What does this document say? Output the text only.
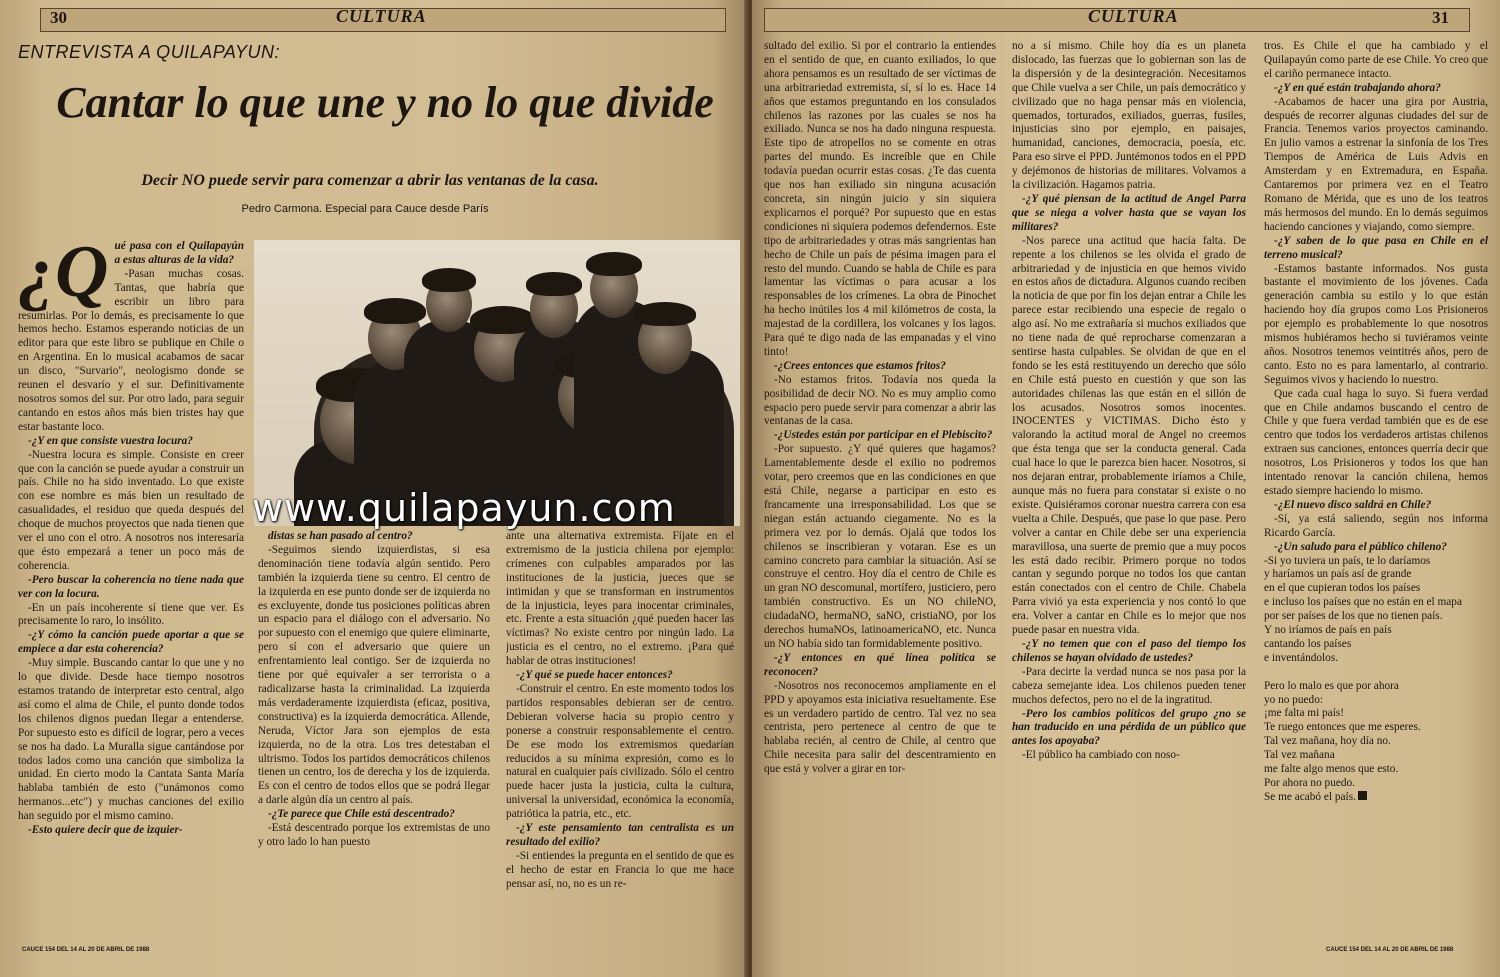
30	CULTURA
ENTREVISTA A QUILAPAYUN:
Cantar lo que une y no lo que divide
Decir NO puede servir para comenzar a abrir las ventanas de la casa.
Pedro Carmona. Especial para Cauce desde París

¿Q ué pasa con el Quilapayún a estas alturas de la vida?

-Pasan muchas cosas. Tantas, que habría que escribir un libro para resumirlas. Por lo demás, es precisamente lo que hemos hecho. Estamos esperando noticias de un editor para que este libro se publique en Chile o en Argentina. En lo musical acabamos de sacar un disco, "Survario", neologismo donde se reunen el desvarío y el sur. Definitivamente nosotros somos del sur. Por otro lado, para seguir cantando en estos años más bien tristes hay que estar bastante loco.

-¿Y en que consiste vuestra locura?

-Nuestra locura es simple. Consiste en creer que con la canción se puede ayudar a construir un país. Chile no ha sido inventado. Lo que existe con ese nombre es más bien un resultado de casualidades, el residuo que queda después del choque de muchos proyectos que nada tienen que ver el uno con el otro. A nosotros nos interesaría que ésto empezará a tener un poco más de coherencia.

-Pero buscar la coherencia no tiene nada que ver con la locura.

-En un país incoherente sí tiene que ver. Es precisamente lo raro, lo insólito.

-¿Y cómo la canción puede aportar a que se empiece a dar esta coherencia?

-Muy simple. Buscando cantar lo que une y no lo que divide. Desde hace tiempo nosotros estamos tratando de interpretar esto central, algo así como el alma de Chile, el punto donde todos los chilenos dignos puedan llegar a entenderse. Por supuesto esto es difícil de lograr, pero a veces se nos ha dado. La Muralla sigue cantándose por todos lados como una canción que simboliza la unidad. En cierto modo la Cantata Santa María hablaba también de esto ("unámonos como hermanos...etc") y muchas canciones del exilio han seguido por el mismo camino.

-Esto quiere decir que de izquier-

distas se han pasado al centro?

-Seguimos siendo izquierdistas, si esa denominación tiene todavía algún sentido. Pero también la izquierda tiene su centro. El centro de la izquierda en ese punto donde ser de izquierda no es excluyente, donde tus posiciones políticas abren un espacio para el diálogo con el adversario. No por supuesto con el enemigo que quiere eliminarte, pero sí con el adversario que quiere un enfrentamiento leal contigo. Ser de izquierda no tiene por qué equivaler a ser terrorista o a radicalizarse hasta la criminalidad. La izquierda más verdaderamente izquierdista (eficaz, positiva, constructiva) es la izquierda democrática. Allende, Neruda, Víctor Jara son ejemplos de esta izquierda, no de la otra. Los tres detestaban el ultrismo. Todos los partidos democráticos chilenos tienen un centro, los de derecha y los de izquierda. Es con el centro de todos ellos que se podrá llegar a darle algún día un centro al país.

-¿Te parece que Chile está descentrado?

-Está descentrado porque los extremistas de uno y otro lado lo han puesto

ante una alternativa extremista. Fíjate en el extremismo de la justicia chilena por ejemplo: crímenes con culpables amparados por las instituciones de la justicia, jueces que se intimidan y que se transforman en instrumentos de la injusticia, leyes para inocentar criminales, etc. Frente a esta situación ¿qué pueden hacer las víctimas? No existe centro por ningún lado. La justicia es el centro, no el extremo. ¡Para qué hablar de otras instituciones!

-¿Y qué se puede hacer entonces?

-Construir el centro. En este momento todos los partidos responsables debieran ser de centro. Debieran volverse hacia su propio centro y ponerse a construir responsablemente el centro. De ese modo los extremismos quedarían reducidos a su mínima expresión, como es lo natural en cualquier país civilizado. Sólo el centro puede hacer justa la justicia, culta la cultura, universal la universidad, económica la economía, patriótica la patria, etc., etc.

-¿Y este pensamiento tan centralista es un resultado del exilio?

-Si entiendes la pregunta en el sentido de que es el hecho de estar en Francia lo que me hace pensar así, no, no es un re-

www.quilapayun.com
CAUCE 154 DEL 14 AL 20 DE ABRIL DE 1988
CULTURA	31

sultado del exilio. Si por el contrario la entiendes en el sentido de que, en cuanto exiliados, lo que ahora pensamos es un resultado de ser víctimas de una arbitrariedad extremista, sí, sí lo es. Hace 14 años que estamos preguntando en los consulados chilenos las razones por las cuales se nos ha exiliado. Nunca se nos ha dado ninguna respuesta. Este tipo de atropellos no se comente en otras partes del mundo. Es increíble que en Chile todavía puedan ocurrir estas cosas. ¿Te das cuenta que nos han exiliado sin ninguna acusación concreta, sin ningún juicio y sin siquiera explicarnos el porqué? Por supuesto que en estas condiciones ni siquiera podemos defendernos. Este tipo de arbitrariedades y otras más sangrientas han hecho de Chile un país de pésima imagen para el resto del mundo. Cuando se habla de Chile es para lamentar las víctimas o para acusar a los responsables de los crímenes. La obra de Pinochet ha hecho inútiles los 4 mil kilómetros de costa, la majestad de la cordillera, los volcanes y los lagos. Para qué te digo nada de las empanadas y el vino tinto!

-¿Crees entonces que estamos fritos?

-No estamos fritos. Todavía nos queda la posibilidad de decir NO. No es muy amplio como espacio pero puede servir para comenzar a abrir las ventanas de la casa.

-¿Ustedes están por participar en el Plebiscito?

-Por supuesto. ¿Y qué quieres que hagamos? Lamentablemente desde el exilio no podremos votar, pero creemos que en las condiciones en que está Chile, negarse a participar en esto es francamente una irresponsabilidad. Los que se niegan están actuando ciegamente. No es la primera vez por lo demás. Ojalá que todos los chilenos se inscribieran y votaran. Ese es un camino concreto para cambiar la situación. Así se construye el centro. Hoy día el centro de Chile es un gran NO descomunal, mortífero, justiciero, pero también constructivo. Es un NO chileNO, ciudadaNO, hermaNO, saNO, cristiaNO, por los derechos humaNOs, latinoamericaNO, etc. Nunca un NO había sido tan formidablemente positivo.

-¿Y entonces en qué línea política se reconocen?

-Nosotros nos reconocemos ampliamente en el PPD y apoyamos esta iniciativa resueltamente. Ese es un verdadero partido de centro. Tal vez no sea centrista, pero pertenece al centro de que te hablaba recién, al centro de Chile, al centro que Chile necesita para salir del descentramiento en que está y volver a girar en tor-

no a sí mismo. Chile hoy día es un planeta dislocado, las fuerzas que lo gobiernan son las de la dispersión y de la desintegración. Necesitamos que Chile vuelva a ser Chile, un país democrático y civilizado que no haga pensar más en violencia, quemados, torturados, exiliados, guerras, fusiles, injusticias sino por ejemplo, en paisajes, humanidad, canciones, democracia, poesía, etc. Para eso sirve el PPD. Juntémonos todos en el PPD y dejémonos de historias de militares. Volvamos a la civilización. Hagamos patria.

-¿Y qué piensan de la actitud de Angel Parra que se niega a volver hasta que se vayan los militares?

-Nos parece una actitud que hacía falta. De repente a los chilenos se les olvida el grado de arbitrariedad y de injusticia en que hemos vivido en estos años de dictadura. Algunos cuando reciben la noticia de que por fin los dejan entrar a Chile les parece estar recibiendo una especie de regalo o algo así. No me extrañaría si muchos exiliados que no tiene nada de qué reprocharse comenzaran a sentirse hasta culpables. Se olvidan de que en el fondo se les está restituyendo un derecho que sólo en Chile está puesto en cuestión y que son las autoridades chilenas las que están en el sillón de los acusados. Nosotros somos inocentes. INOCENTES y VICTIMAS. Dicho ésto y valorando la actitud moral de Angel no creemos que ésta tenga que ser la conducta general. Cada cual hace lo que le parezca bien hacer. Nosotros, si nos dejaran entrar, probablemente iríamos a Chile, aunque más no fuera para constatar si existe o no existe. Quisiéramos coronar nuestra carrera con esa vuelta a Chile. Después, que pase lo que pase. Pero volver a cantar en Chile debe ser una experiencia maravillosa, una suerte de premio que a muy pocos les está dado recibir. Primero porque no todos cantan y segundo porque no todos los que cantan están conectados con el centro de Chile. Chabela Parra vivió ya esta experiencia y nos contó lo que era. Volver a cantar en Chile es lo mejor que nos puede pasar en nuestra vida.

-¿Y no temen que con el paso del tiempo los chilenos se hayan olvidado de ustedes?

-Para decirte la verdad nunca se nos pasa por la cabeza semejante idea. Los chilenos pueden tener muchos defectos, pero no el de la ingratitud.

-Pero los cambios políticos del grupo ¿no se han traducido en una pérdida de un público que antes los apoyaba?

-El público ha cambiado con noso-

tros. Es Chile el que ha cambiado y el Quilapayún como parte de ese Chile. Yo creo que el cariño permanece intacto.

-¿Y en qué están trabajando ahora?

-Acabamos de hacer una gira por Austria, después de recorrer algunas ciudades del sur de Francia. Tenemos varios proyectos caminando. En julio vamos a estrenar la sinfonía de los Tres Tiempos de América de Luis Advis en Amsterdam y en Extremadura, en España. Cantaremos por primera vez en el Teatro Romano de Mérida, que es uno de los teatros más hermosos del mundo. En lo demás seguimos haciendo canciones y viajando, como siempre.

-¿Y saben de lo que pasa en Chile en el terreno musical?

-Estamos bastante informados. Nos gusta bastante el movimiento de los jóvenes. Cada generación cambia su estilo y lo que están haciendo hoy día grupos como Los Prisioneros por ejemplo es probablemente lo que nosotros mismos hubiéramos hecho si tuviéramos veinte años. Nosotros tenemos veintitrés años, pero de canto. Esto no es para lamentarlo, al contrario. Seguimos vivos y haciendo lo nuestro.

Que cada cual haga lo suyo. Si fuera verdad que en Chile andamos buscando el centro de Chile y que fuera verdad también que es de ese centro que todos los verdaderos artistas chilenos extraen sus canciones, entonces querría decir que nosotros, Los Prisioneros y todos los que han intentado renovar la canción chilena, hemos estado siempre haciendo lo mismo.

-¿El nuevo disco saldrá en Chile?

-Sí, ya está saliendo, según nos informa Ricardo García.

-¿Un saludo para el público chileno?

-Si yo tuviera un país, te lo daríamos
y haríamos un país así de grande
en el que cupieran todos los países
e incluso los países que no están en el mapa
por ser países de los que no tienen país.
Y no iríamos de país en país
cantando los países
e inventándolos.
Pero lo malo es que por ahora
yo no puedo:
¡me falta mi país!
Te ruego entonces que me esperes.
Tal vez mañana, hoy día no.
Tal vez mañana
me falte algo menos que esto.
Por ahora no puedo.
Se me acabó el país.
CAUCE 154 DEL 14 AL 20 DE ABRIL DE 1988
